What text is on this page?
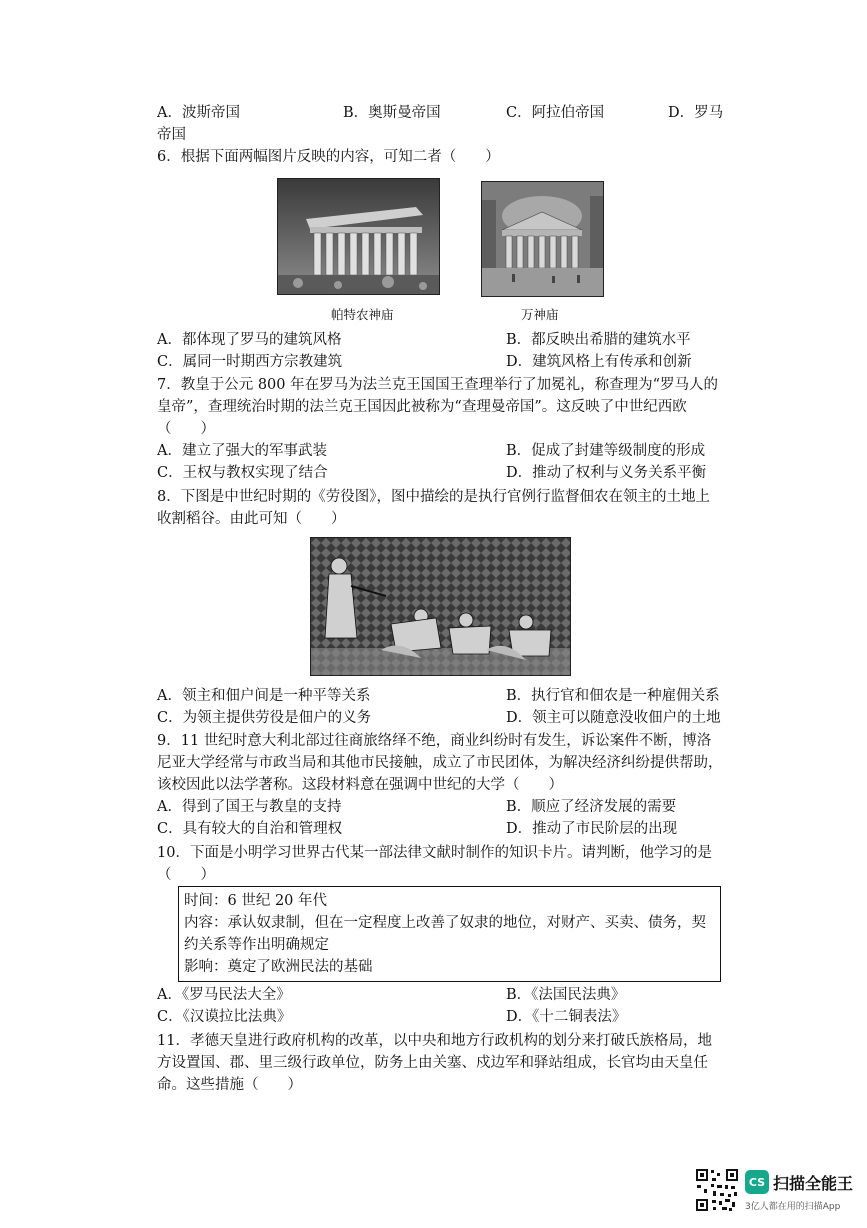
A．波斯帝国	B．奥斯曼帝国	C．阿拉伯帝国	D．罗马
帝国
6．根据下面两幅图片反映的内容，可知二者（　　）
帕特农神庙	万神庙
A．都体现了罗马的建筑风格	B．都反映出希腊的建筑水平
C．属同一时期西方宗教建筑	D．建筑风格上有传承和创新
7．教皇于公元 800 年在罗马为法兰克王国国王查理举行了加冕礼，称查理为“罗马人的
皇帝”，查理统治时期的法兰克王国因此被称为“查理曼帝国”。这反映了中世纪西欧
（　　）
A．建立了强大的军事武装	B．促成了封建等级制度的形成
C．王权与教权实现了结合	D．推动了权利与义务关系平衡
8．下图是中世纪时期的《劳役图》，图中描绘的是执行官例行监督佃农在领主的土地上
收割稻谷。由此可知（　　）
A．领主和佃户间是一种平等关系	B．执行官和佃农是一种雇佣关系
C．为领主提供劳役是佃户的义务	D．领主可以随意没收佃户的土地
9．11 世纪时意大利北部过往商旅络绎不绝，商业纠纷时有发生，诉讼案件不断，博洛
尼亚大学经常与市政当局和其他市民接触，成立了市民团体，为解决经济纠纷提供帮助，
该校因此以法学著称。这段材料意在强调中世纪的大学（　　）
A．得到了国王与教皇的支持	B．顺应了经济发展的需要
C．具有较大的自治和管理权	D．推动了市民阶层的出现
10．下面是小明学习世界古代某一部法律文献时制作的知识卡片。请判断，他学习的是
（　　）
时间：6 世纪 20 年代
内容：承认奴隶制，但在一定程度上改善了奴隶的地位，对财产、买卖、债务，契
约关系等作出明确规定
影响：奠定了欧洲民法的基础
A．《罗马民法大全》	B．《法国民法典》
C．《汉谟拉比法典》	D．《十二铜表法》
11．孝德天皇进行政府机构的改革，以中央和地方行政机构的划分来打破氏族格局，地
方设置国、郡、里三级行政单位，防务上由关塞、戍边军和驿站组成，长官均由天皇任
命。这些措施（　　）
CS 扫描全能王
3亿人都在用的扫描App
